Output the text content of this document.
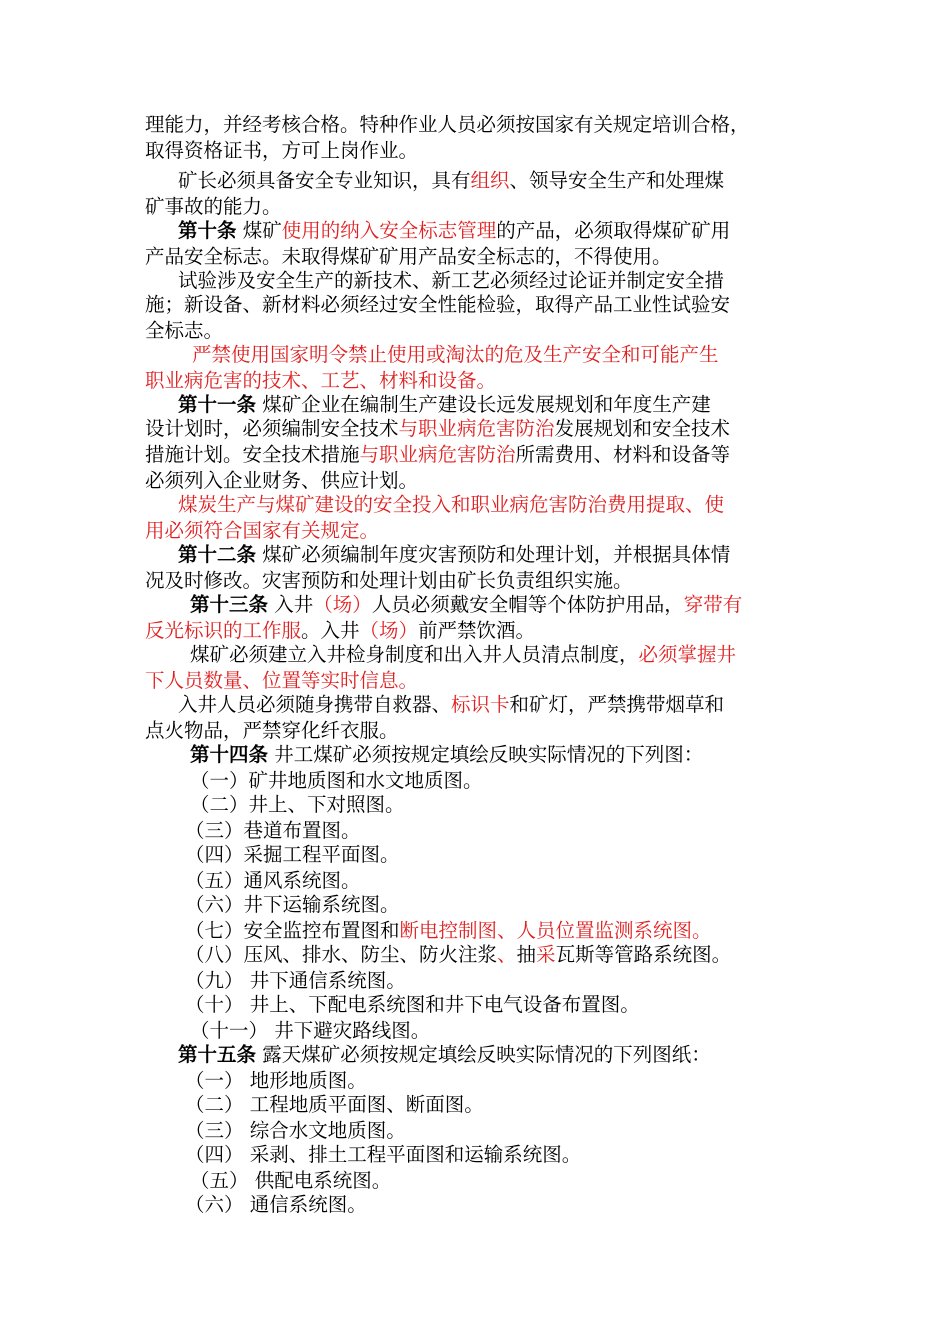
理能力，并经考核合格。特种作业人员必须按国家有关规定培训合格，
取得资格证书，方可上岗作业。
矿长必须具备安全专业知识，具有组织、领导安全生产和处理煤
矿事故的能力。
第十条 煤矿使用的纳入安全标志管理的产品，必须取得煤矿矿用
产品安全标志。未取得煤矿矿用产品安全标志的，不得使用。
试验涉及安全生产的新技术、新工艺必须经过论证并制定安全措
施；新设备、新材料必须经过安全性能检验，取得产品工业性试验安
全标志。
严禁使用国家明令禁止使用或淘汰的危及生产安全和可能产生
职业病危害的技术、工艺、材料和设备。
第十一条 煤矿企业在编制生产建设长远发展规划和年度生产建
设计划时，必须编制安全技术与职业病危害防治发展规划和安全技术
措施计划。安全技术措施与职业病危害防治所需费用、材料和设备等
必须列入企业财务、供应计划。
煤炭生产与煤矿建设的安全投入和职业病危害防治费用提取、使
用必须符合国家有关规定。
第十二条 煤矿必须编制年度灾害预防和处理计划，并根据具体情
况及时修改。灾害预防和处理计划由矿长负责组织实施。
第十三条 入井（场）人员必须戴安全帽等个体防护用品，穿带有
反光标识的工作服。入井（场）前严禁饮酒。
煤矿必须建立入井检身制度和出入井人员清点制度，必须掌握井
下人员数量、位置等实时信息。
入井人员必须随身携带自救器、标识卡和矿灯，严禁携带烟草和
点火物品，严禁穿化纤衣服。
第十四条 井工煤矿必须按规定填绘反映实际情况的下列图：
（一）矿井地质图和水文地质图。
（二）井上、下对照图。
（三）巷道布置图。
（四）采掘工程平面图。
（五）通风系统图。
（六）井下运输系统图。
（七）安全监控布置图和断电控制图、人员位置监测系统图。
（八）压风、排水、防尘、防火注浆、抽采瓦斯等管路系统图。
（九） 井下通信系统图。
（十） 井上、下配电系统图和井下电气设备布置图。
（十一） 井下避灾路线图。
第十五条 露天煤矿必须按规定填绘反映实际情况的下列图纸：
（一） 地形地质图。
（二） 工程地质平面图、断面图。
（三） 综合水文地质图。
（四） 采剥、排土工程平面图和运输系统图。
（五） 供配电系统图。
（六） 通信系统图。
